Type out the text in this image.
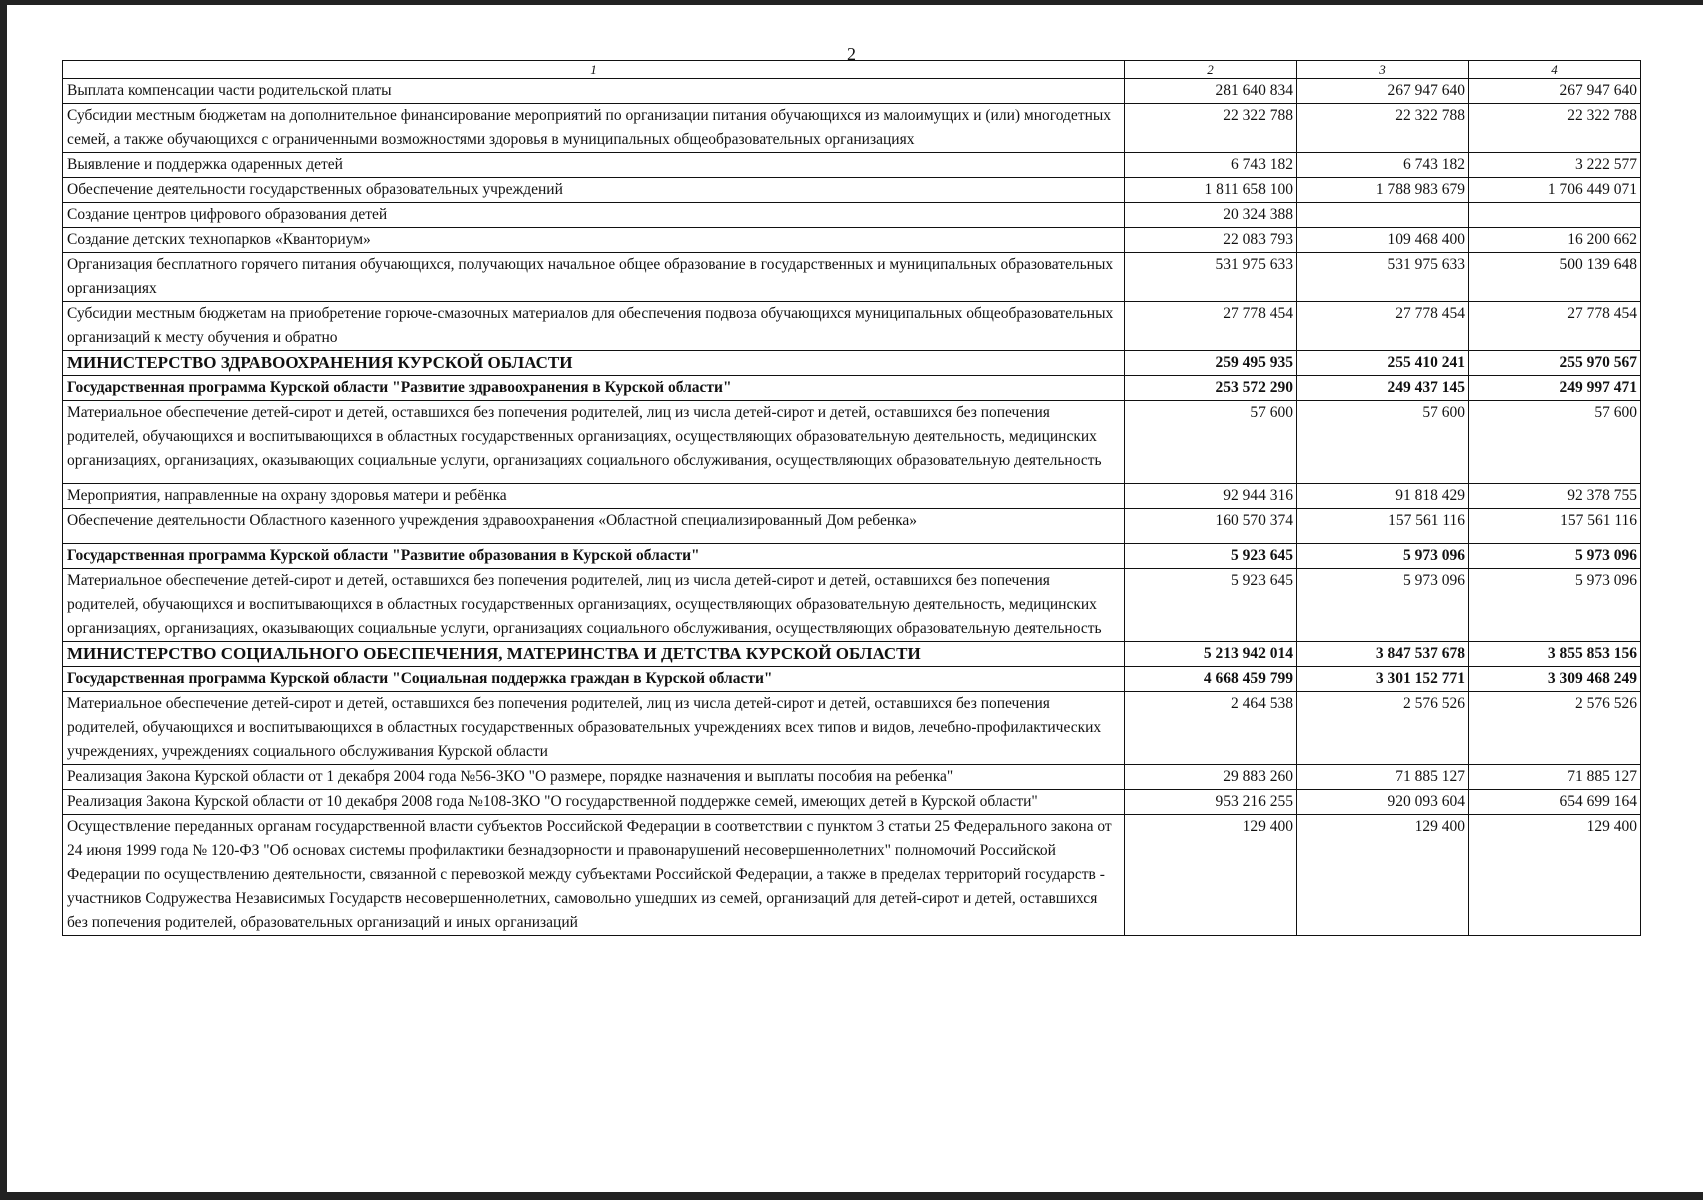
2
1	2	3	4
Выплата компенсации части родительской платы	281 640 834	267 947 640	267 947 640
Субсидии местным бюджетам на дополнительное финансирование мероприятий по организации питания обучающихся из малоимущих и (или) многодетных семей, а также обучающихся с ограниченными возможностями здоровья в муниципальных общеобразовательных организациях	22 322 788	22 322 788	22 322 788
Выявление и поддержка одаренных детей	6 743 182	6 743 182	3 222 577
Обеспечение деятельности государственных образовательных учреждений	1 811 658 100	1 788 983 679	1 706 449 071
Создание центров цифрового образования детей	20 324 388		
Создание детских технопарков «Кванториум»	22 083 793	109 468 400	16 200 662
Организация бесплатного горячего питания обучающихся, получающих начальное общее образование в государственных и муниципальных образовательных организациях	531 975 633	531 975 633	500 139 648
Субсидии местным бюджетам на приобретение горюче-смазочных материалов для обеспечения подвоза обучающихся муниципальных общеобразовательных организаций к месту обучения и обратно	27 778 454	27 778 454	27 778 454
МИНИСТЕРСТВО ЗДРАВООХРАНЕНИЯ КУРСКОЙ ОБЛАСТИ	259 495 935	255 410 241	255 970 567
Государственная программа Курской области "Развитие здравоохранения в Курской области"	253 572 290	249 437 145	249 997 471
Материальное обеспечение детей-сирот и детей, оставшихся без попечения родителей, лиц из числа детей-сирот и детей, оставшихся без попечения родителей, обучающихся и воспитывающихся в областных государственных организациях, осуществляющих образовательную деятельность, медицинских организациях, организациях, оказывающих социальные услуги, организациях социального обслуживания, осуществляющих образовательную деятельность	57 600	57 600	57 600
Мероприятия, направленные на охрану здоровья матери и ребёнка	92 944 316	91 818 429	92 378 755
Обеспечение деятельности Областного казенного учреждения здравоохранения «Областной специализированный Дом ребенка»	160 570 374	157 561 116	157 561 116
Государственная программа Курской области "Развитие образования в Курской области"	5 923 645	5 973 096	5 973 096
Материальное обеспечение детей-сирот и детей, оставшихся без попечения родителей, лиц из числа детей-сирот и детей, оставшихся без попечения родителей, обучающихся и воспитывающихся в областных государственных организациях, осуществляющих образовательную деятельность, медицинских организациях, организациях, оказывающих социальные услуги, организациях социального обслуживания, осуществляющих образовательную деятельность	5 923 645	5 973 096	5 973 096
МИНИСТЕРСТВО СОЦИАЛЬНОГО ОБЕСПЕЧЕНИЯ, МАТЕРИНСТВА И ДЕТСТВА КУРСКОЙ ОБЛАСТИ	5 213 942 014	3 847 537 678	3 855 853 156
Государственная программа Курской области "Социальная поддержка граждан в Курской области"	4 668 459 799	3 301 152 771	3 309 468 249
Материальное обеспечение детей-сирот и детей, оставшихся без попечения родителей, лиц из числа детей-сирот и детей, оставшихся без попечения родителей, обучающихся и воспитывающихся в областных государственных образовательных учреждениях всех типов и видов, лечебно-профилактических учреждениях, учреждениях социального обслуживания Курской области	2 464 538	2 576 526	2 576 526
Реализация Закона Курской области от 1 декабря 2004 года №56-ЗКО "О размере, порядке назначения и выплаты пособия на ребенка"	29 883 260	71 885 127	71 885 127
Реализация Закона Курской области от 10 декабря 2008 года №108-ЗКО "О государственной поддержке семей, имеющих детей в Курской области"	953 216 255	920 093 604	654 699 164
Осуществление переданных органам государственной власти субъектов Российской Федерации в соответствии с пунктом 3 статьи 25 Федерального закона от 24 июня 1999 года № 120-ФЗ "Об основах системы профилактики безнадзорности и правонарушений несовершеннолетних" полномочий Российской Федерации по осуществлению деятельности, связанной с перевозкой между субъектами Российской Федерации, а также в пределах территорий государств - участников Содружества Независимых Государств несовершеннолетних, самовольно ушедших из семей, организаций для детей-сирот и детей, оставшихся без попечения родителей, образовательных организаций и иных организаций	129 400	129 400	129 400
